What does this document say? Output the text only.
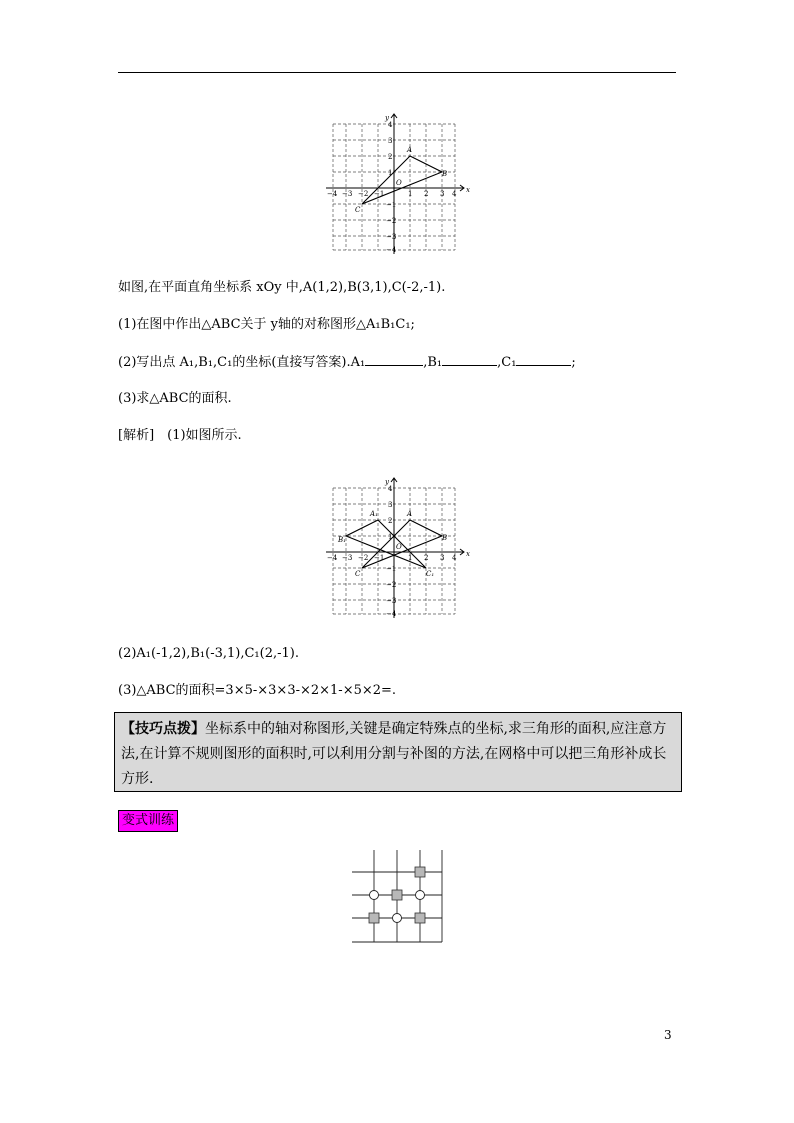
x
y
O
−4 −3 −2 −1	1 2 3 4
4
3
2
1
−1
−2
−3
−4
A
B
C
如图,在平面直角坐标系 xOy 中,A(1,2),B(3,1),C(-2,-1).
(1)在图中作出△ABC关于 y轴的对称图形△A₁B₁C₁;
(2)写出点 A₁,B₁,C₁的坐标(直接写答案).A₁	,B₁	,C₁	;
(3)求△ABC的面积.
[解析]　(1)如图所示.
x
y
O
−4 −3 −2 −1	1 2 3 4
4
3
2
1
−1
−2
−3
−4
A
B
C
A₁
B₁
C₁
(2)A₁(-1,2),B₁(-3,1),C₁(2,-1).
(3)△ABC的面积=3×5-×3×3-×2×1-×5×2=.
【技巧点拨】坐标系中的轴对称图形,关键是确定特殊点的坐标,求三角形的面积,应注意方法,在计算不规则图形的面积时,可以利用分割与补图的方法,在网格中可以把三角形补成长方形.
变式训练
3
